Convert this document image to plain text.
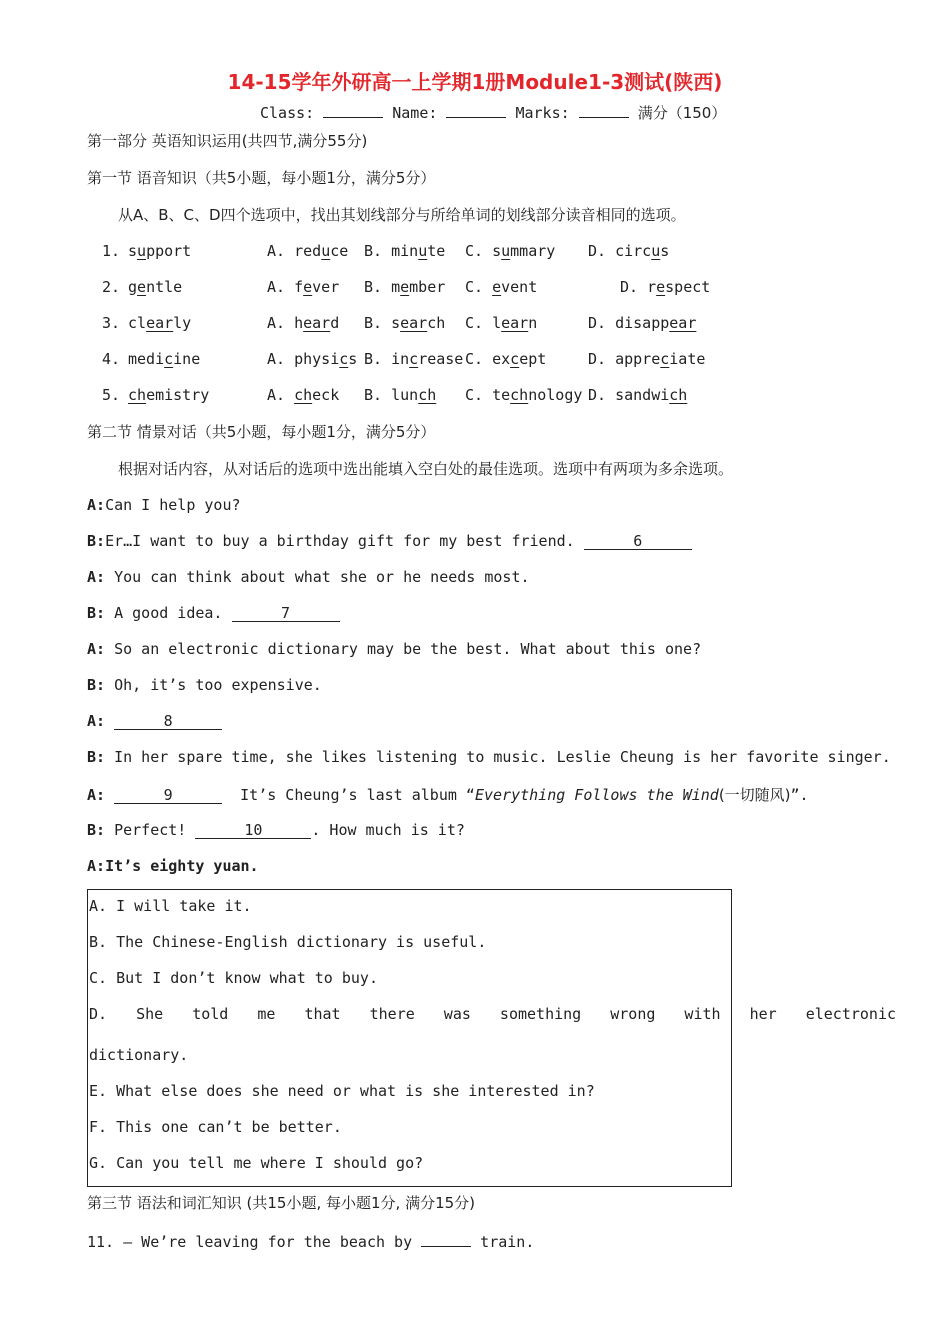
14-15学年外研高一上学期1册Module1-3测试(陕西)
Class:	Name:	Marks:	满分（150）
第一部分 英语知识运用(共四节,满分55分)
第一节 语音知识（共5小题，每小题1分，满分5分）
从A、B、C、D四个选项中，找出其划线部分与所给单词的划线部分读音相同的选项。
1. support	A. reduce B. minute C. summary D. circus
2. gentle	A. fever B. member C. event	D. respect
3. clearly	A. heard B. search C. learn	D. disappear
4. medicine	A. physics B. increase C. except	D. appreciate
5. chemistry	A. check B. lunch C. technology D. sandwich
第二节 情景对话（共5小题，每小题1分，满分5分）
根据对话内容，从对话后的选项中选出能填入空白处的最佳选项。选项中有两项为多余选项。
A:Can I help you?
B:Er…I want to buy a birthday gift for my best friend.	6
A: You can think about what she or he needs most.
B: A good idea.	7
A: So an electronic dictionary may be the best. What about this one?
B: Oh, it’s too expensive.
A:	8
B: In her spare time, she likes listening to music. Leslie Cheung is her favorite singer.
A:	9	It’s Cheung’s last album “Everything Follows the Wind(一切随风)”.
B: Perfect!	10	. How much is it?
A:It’s eighty yuan.
A. I will take it.
B. The Chinese-English dictionary is useful.
C. But I don’t know what to buy.
D. She told me that there was something wrong with her electronic
dictionary.
E. What else does she need or what is she interested in?
F. This one can’t be better.
G. Can you tell me where I should go?
第三节 语法和词汇知识 (共15小题, 每小题1分, 满分15分)
11. — We’re leaving for the beach by	train.
